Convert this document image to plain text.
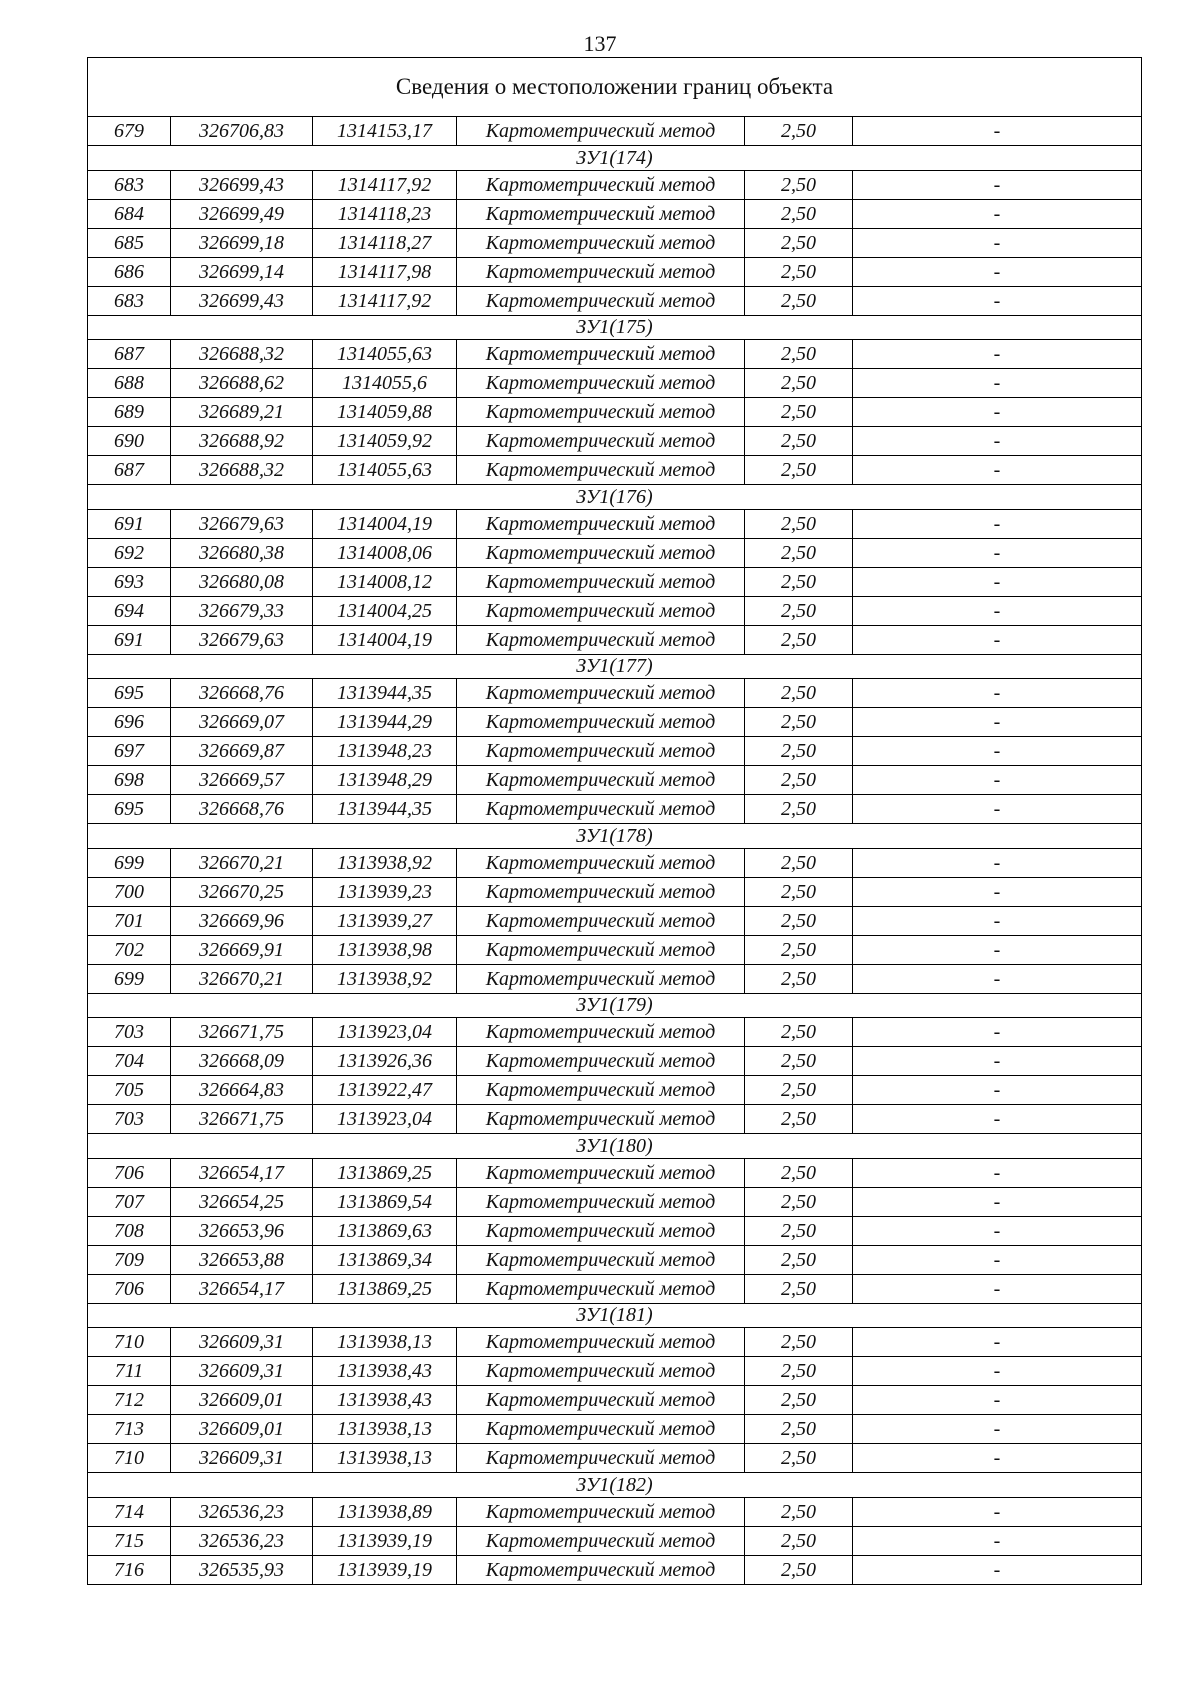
137
Сведения о местоположении границ объекта					
679	326706,83	1314153,17	Картометрический метод	2,50	-
ЗУ1(174)					
683	326699,43	1314117,92	Картометрический метод	2,50	-
684	326699,49	1314118,23	Картометрический метод	2,50	-
685	326699,18	1314118,27	Картометрический метод	2,50	-
686	326699,14	1314117,98	Картометрический метод	2,50	-
683	326699,43	1314117,92	Картометрический метод	2,50	-
ЗУ1(175)					
687	326688,32	1314055,63	Картометрический метод	2,50	-
688	326688,62	1314055,6	Картометрический метод	2,50	-
689	326689,21	1314059,88	Картометрический метод	2,50	-
690	326688,92	1314059,92	Картометрический метод	2,50	-
687	326688,32	1314055,63	Картометрический метод	2,50	-
ЗУ1(176)					
691	326679,63	1314004,19	Картометрический метод	2,50	-
692	326680,38	1314008,06	Картометрический метод	2,50	-
693	326680,08	1314008,12	Картометрический метод	2,50	-
694	326679,33	1314004,25	Картометрический метод	2,50	-
691	326679,63	1314004,19	Картометрический метод	2,50	-
ЗУ1(177)					
695	326668,76	1313944,35	Картометрический метод	2,50	-
696	326669,07	1313944,29	Картометрический метод	2,50	-
697	326669,87	1313948,23	Картометрический метод	2,50	-
698	326669,57	1313948,29	Картометрический метод	2,50	-
695	326668,76	1313944,35	Картометрический метод	2,50	-
ЗУ1(178)					
699	326670,21	1313938,92	Картометрический метод	2,50	-
700	326670,25	1313939,23	Картометрический метод	2,50	-
701	326669,96	1313939,27	Картометрический метод	2,50	-
702	326669,91	1313938,98	Картометрический метод	2,50	-
699	326670,21	1313938,92	Картометрический метод	2,50	-
ЗУ1(179)					
703	326671,75	1313923,04	Картометрический метод	2,50	-
704	326668,09	1313926,36	Картометрический метод	2,50	-
705	326664,83	1313922,47	Картометрический метод	2,50	-
703	326671,75	1313923,04	Картометрический метод	2,50	-
ЗУ1(180)					
706	326654,17	1313869,25	Картометрический метод	2,50	-
707	326654,25	1313869,54	Картометрический метод	2,50	-
708	326653,96	1313869,63	Картометрический метод	2,50	-
709	326653,88	1313869,34	Картометрический метод	2,50	-
706	326654,17	1313869,25	Картометрический метод	2,50	-
ЗУ1(181)					
710	326609,31	1313938,13	Картометрический метод	2,50	-
711	326609,31	1313938,43	Картометрический метод	2,50	-
712	326609,01	1313938,43	Картометрический метод	2,50	-
713	326609,01	1313938,13	Картометрический метод	2,50	-
710	326609,31	1313938,13	Картометрический метод	2,50	-
ЗУ1(182)					
714	326536,23	1313938,89	Картометрический метод	2,50	-
715	326536,23	1313939,19	Картометрический метод	2,50	-
716	326535,93	1313939,19	Картометрический метод	2,50	-
